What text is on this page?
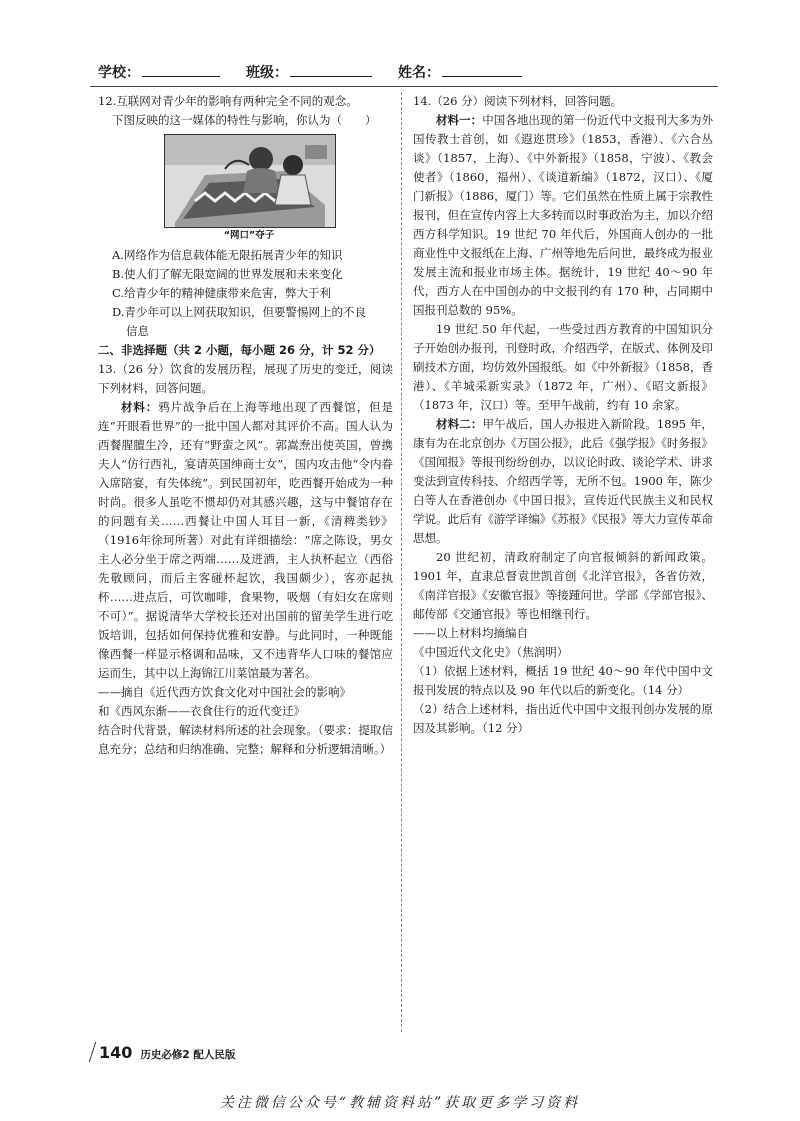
学校：	班级：	姓名：

12.互联网对青少年的影响有两种完全不同的观念。

下图反映的这一媒体的特性与影响，你认为（　　）

“网口”夺子

A.网络作为信息载体能无限拓展青少年的知识

B.使人们了解无限宽阔的世界发展和未来变化

C.给青少年的精神健康带来危害，弊大于利

D.青少年可以上网获取知识，但要警惕网上的不良

信息

二、非选择题（共 2 小题，每小题 26 分，计 52 分）

13.（26 分）饮食的发展历程，展现了历史的变迁，阅读下列材料，回答问题。

材料：鸦片战争后在上海等地出现了西餐馆，但是连“开眼看世界”的一批中国人都对其评价不高。国人认为西餐腥膻生冷，还有“野蛮之风”。郭嵩焘出使英国，曾携夫人“仿行西礼，宴请英国绅商士女”，国内攻击他“令内眷入席陪宴，有失体统”。到民国初年，吃西餐开始成为一种时尚。很多人虽吃不惯却仍对其感兴趣，这与中餐馆存在的问题有关……西餐让中国人耳目一新，《清稗类钞》（1916年徐珂所著）对此有详细描绘：“席之陈设，男女主人必分坐于席之两端……及进酒，主人执杯起立（西俗先敬顾问，而后主客碰杯起饮，我国颇少），客亦起执杯……进点后，可饮咖啡，食果物，吸烟（有妇女在席则不可）”。据说清华大学校长还对出国前的留美学生进行吃饭培训，包括如何保持优雅和安静。与此同时，一种既能像西餐一样显示格调和品味，又不违背华人口味的餐馆应运而生，其中以上海锦江川菜馆最为著名。

——摘自《近代西方饮食文化对中国社会的影响》

和《西风东渐——衣食住行的近代变迁》

结合时代背景，解读材料所述的社会现象。（要求：提取信息充分；总结和归纳准确、完整；解释和分析逻辑清晰。）

14.（26 分）阅读下列材料，回答问题。

材料一：中国各地出现的第一份近代中文报刊大多为外国传教士首创，如《遐迩贯珍》（1853，香港）、《六合丛谈》（1857，上海）、《中外新报》（1858，宁波）、《教会使者》（1860，福州）、《谈道新编》（1872，汉口）、《厦门新报》（1886，厦门）等。它们虽然在性质上属于宗教性报刊，但在宣传内容上大多转而以时事政治为主，加以介绍西方科学知识。19 世纪 70 年代后，外国商人创办的一批商业性中文报纸在上海、广州等地先后问世，最终成为报业发展主流和报业市场主体。据统计，19 世纪 40～90 年代，西方人在中国创办的中文报刊约有 170 种，占同期中国报刊总数的 95%。

19 世纪 50 年代起，一些受过西方教育的中国知识分子开始创办报刊，刊登时政，介绍西学，在版式、体例及印刷技术方面，均仿效外国报纸。如《中外新报》（1858，香港）、《羊城采新实录》（1872 年，广州）、《昭文新报》（1873 年，汉口）等。至甲午战前，约有 10 余家。

材料二：甲午战后，国人办报进入新阶段。1895 年，康有为在北京创办《万国公报》，此后《强学报》《时务报》《国闻报》等报刊纷纷创办，以议论时政、谈论学术、讲求变法到宣传科技、介绍西学等，无所不包。1900 年，陈少白等人在香港创办《中国日报》，宣传近代民族主义和民权学说。此后有《游学译编》《苏报》《民报》等大力宣传革命思想。

20 世纪初，清政府制定了向官报倾斜的新闻政策。1901 年，直隶总督袁世凯首创《北洋官报》，各省仿效，《南洋官报》《安徽官报》等接踵问世。学部《学部官报》、邮传部《交通官报》等也相继刊行。

——以上材料均摘编自

《中国近代文化史》（焦润明）

（1）依据上述材料，概括 19 世纪 40～90 年代中国中文报刊发展的特点以及 90 年代以后的新变化。（14 分）

（2）结合上述材料，指出近代中国中文报刊创办发展的原因及其影响。（12 分）

140 历史必修2 配人民版
关注微信公众号“教辅资料站”获取更多学习资料
